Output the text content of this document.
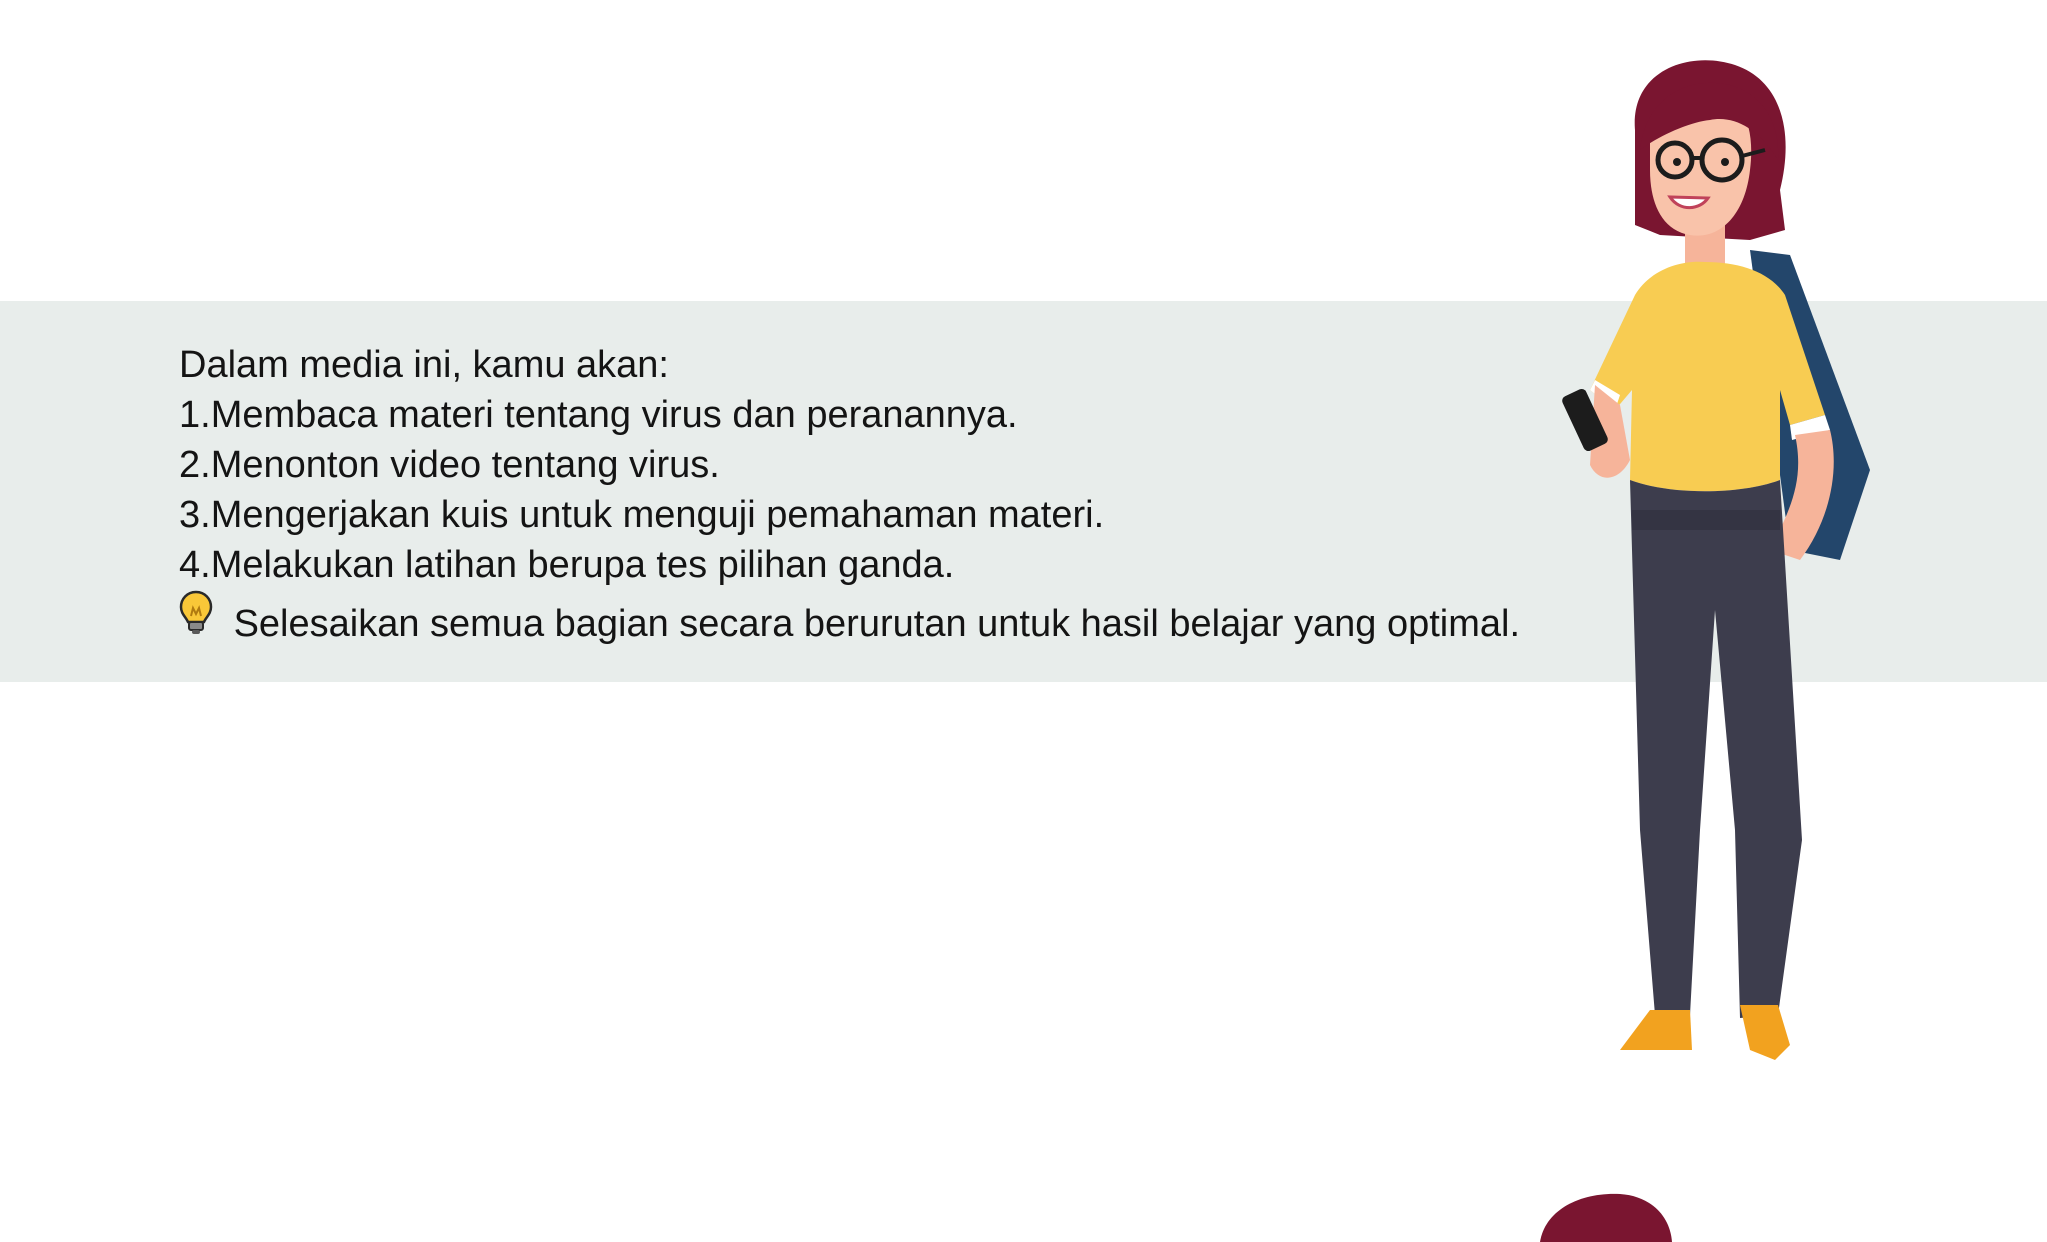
Dalam media ini, kamu akan:
1.Membaca materi tentang virus dan peranannya.
2.Menonton video tentang virus.
3.Mengerjakan kuis untuk menguji pemahaman materi.
4.Melakukan latihan berupa tes pilihan ganda.
Selesaikan semua bagian secara berurutan untuk hasil belajar yang optimal.
